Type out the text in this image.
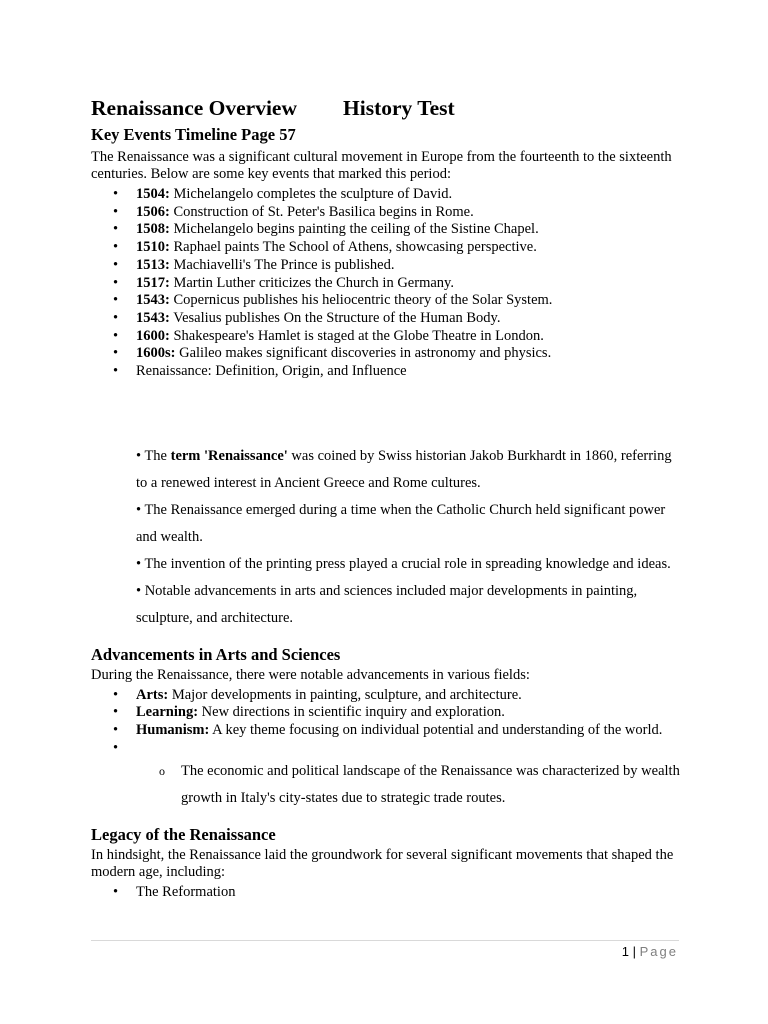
Renaissance Overview History Test
Key Events Timeline Page 57

The Renaissance was a significant cultural movement in Europe from the fourteenth to the sixteenth centuries. Below are some key events that marked this period:

• 1504: Michelangelo completes the sculpture of David.
• 1506: Construction of St. Peter's Basilica begins in Rome.
• 1508: Michelangelo begins painting the ceiling of the Sistine Chapel.
• 1510: Raphael paints The School of Athens, showcasing perspective.
• 1513: Machiavelli's The Prince is published.
• 1517: Martin Luther criticizes the Church in Germany.
• 1543: Copernicus publishes his heliocentric theory of the Solar System.
• 1543: Vesalius publishes On the Structure of the Human Body.
• 1600: Shakespeare's Hamlet is staged at the Globe Theatre in London.
• 1600s: Galileo makes significant discoveries in astronomy and physics.
• Renaissance: Definition, Origin, and Influence

• The term 'Renaissance' was coined by Swiss historian Jakob Burkhardt in 1860, referring to a renewed interest in Ancient Greece and Rome cultures.

• The Renaissance emerged during a time when the Catholic Church held significant power and wealth.

• The invention of the printing press played a crucial role in spreading knowledge and ideas.

• Notable advancements in arts and sciences included major developments in painting, sculpture, and architecture.

Advancements in Arts and Sciences

During the Renaissance, there were notable advancements in various fields:

• Arts: Major developments in painting, sculpture, and architecture.
• Learning: New directions in scientific inquiry and exploration.
• Humanism: A key theme focusing on individual potential and understanding of the world.
•
o The economic and political landscape of the Renaissance was characterized by wealth growth in Italy's city-states due to strategic trade routes.
Legacy of the Renaissance

In hindsight, the Renaissance laid the groundwork for several significant movements that shaped the modern age, including:

• The Reformation
1 | Page
